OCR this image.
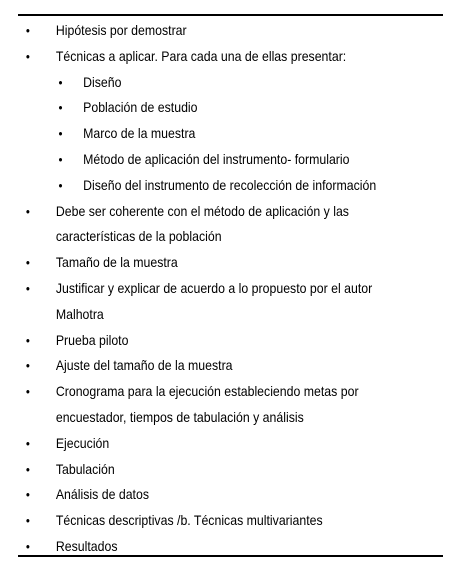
• Hipótesis por demostrar
• Técnicas a aplicar. Para cada una de ellas presentar:
• Diseño
• Población de estudio
• Marco de la muestra
• Método de aplicación del instrumento- formulario
• Diseño del instrumento de recolección de información
• Debe ser coherente con el método de aplicación y las
características de la población
• Tamaño de la muestra
• Justificar y explicar de acuerdo a lo propuesto por el autor
Malhotra
• Prueba piloto
• Ajuste del tamaño de la muestra
• Cronograma para la ejecución estableciendo metas por
encuestador, tiempos de tabulación y análisis
• Ejecución
• Tabulación
• Análisis de datos
• Técnicas descriptivas /b. Técnicas multivariantes
• Resultados
